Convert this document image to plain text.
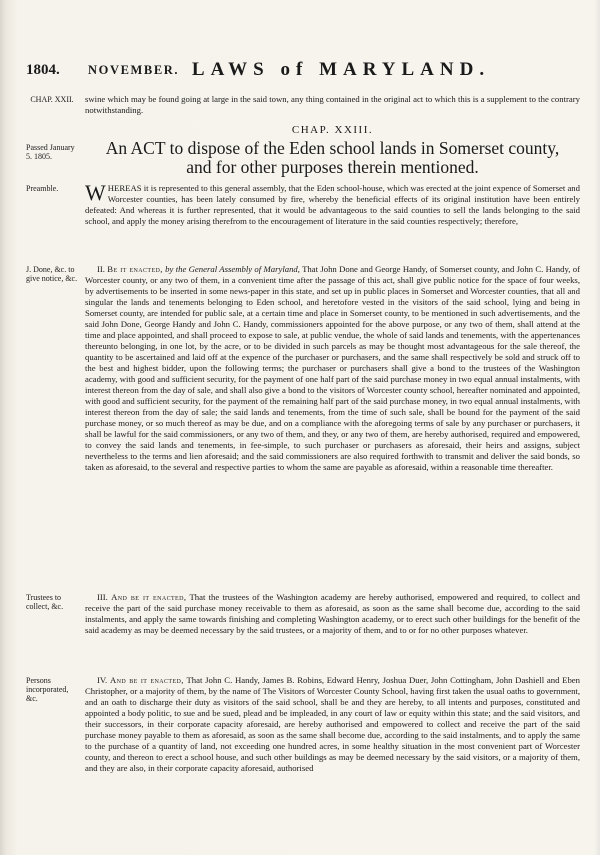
1804. NOVEMBER. LAWS of MARYLAND.
CHAP. XXII.	swine which may be found going at large in the said town, any thing contained in the original act to which this is a supplement to the contrary notwithstanding.
Passed January 5. 1805.
CHAP. XXIII.
An ACT to dispose of the Eden school lands in Somerset county,
and for other purposes therein mentioned.
Preamble.	WHEREAS it is represented to this general assembly, that the Eden school-house, which was erected at the joint expence of Somerset and Worcester counties, has been lately consumed by fire, whereby the beneficial effects of its original institution have been entirely defeated: And whereas it is further represented, that it would be advantageous to the said counties to sell the lands belonging to the said school, and apply the money arising therefrom to the encouragement of literature in the said counties respectively; therefore,
J. Done, &c. to give notice, &c.
II. Be it enacted, by the General Assembly of Maryland, That John Done and George Handy, of Somerset county, and John C. Handy, of Worcester county, or any two of them, in a convenient time after the passage of this act, shall give public notice for the space of four weeks, by advertisements to be inserted in some news-paper in this state, and set up in public places in Somerset and Worcester counties, that all and singular the lands and tenements belonging to Eden school, and heretofore vested in the visitors of the said school, lying and being in Somerset county, are intended for public sale, at a certain time and place in Somerset county, to be mentioned in such advertisements, and the said John Done, George Handy and John C. Handy, commissioners appointed for the above purpose, or any two of them, shall attend at the time and place appointed, and shall proceed to expose to sale, at public vendue, the whole of said lands and tenements, with the appertenances thereunto belonging, in one lot, by the acre, or to be divided in such parcels as may be thought most advantageous for the sale thereof, the quantity to be ascertained and laid off at the expence of the purchaser or purchasers, and the same shall respectively be sold and struck off to the best and highest bidder, upon the following terms; the purchaser or purchasers shall give a bond to the trustees of the Washington academy, with good and sufficient security, for the payment of one half part of the said purchase money in two equal annual instalments, with interest thereon from the day of sale, and shall also give a bond to the visitors of Worcester county school, hereafter nominated and appointed, with good and sufficient security, for the payment of the remaining half part of the said purchase money, in two equal annual instalments, with interest thereon from the day of sale; the said lands and tenements, from the time of such sale, shall be bound for the payment of the said purchase money, or so much thereof as may be due, and on a compliance with the aforegoing terms of sale by any purchaser or purchasers, it shall be lawful for the said commissioners, or any two of them, and they, or any two of them, are hereby authorised, required and empowered, to convey the said lands and tenements, in fee-simple, to such purchaser or purchasers as aforesaid, their heirs and assigns, subject nevertheless to the terms and lien aforesaid; and the said commissioners are also required forthwith to transmit and deliver the said bonds, so taken as aforesaid, to the several and respective parties to whom the same are payable as aforesaid, within a reasonable time thereafter.
Trustees to collect, &c.
III. And be it enacted, That the trustees of the Washington academy are hereby authorised, empowered and required, to collect and receive the part of the said purchase money receivable to them as aforesaid, as soon as the same shall become due, according to the said instalments, and apply the same towards finishing and completing Washington academy, or to erect such other buildings for the benefit of the said academy as may be deemed necessary by the said trustees, or a majority of them, and to or for no other purposes whatever.
Persons incorporated, &c.
IV. And be it enacted, That John C. Handy, James B. Robins, Edward Henry, Joshua Duer, John Cottingham, John Dashiell and Eben Christopher, or a majority of them, by the name of The Visitors of Worcester County School, having first taken the usual oaths to government, and an oath to discharge their duty as visitors of the said school, shall be and they are hereby, to all intents and purposes, constituted and appointed a body politic, to sue and be sued, plead and be impleaded, in any court of law or equity within this state; and the said visitors, and their successors, in their corporate capacity aforesaid, are hereby authorised and empowered to collect and receive the part of the said purchase money payable to them as aforesaid, as soon as the same shall become due, according to the said instalments, and to apply the same to the purchase of a quantity of land, not exceeding one hundred acres, in some healthy situation in the most convenient part of Worcester county, and thereon to erect a school house, and such other buildings as may be deemed necessary by the said visitors, or a majority of them, and they are also, in their corporate capacity aforesaid, authorised
